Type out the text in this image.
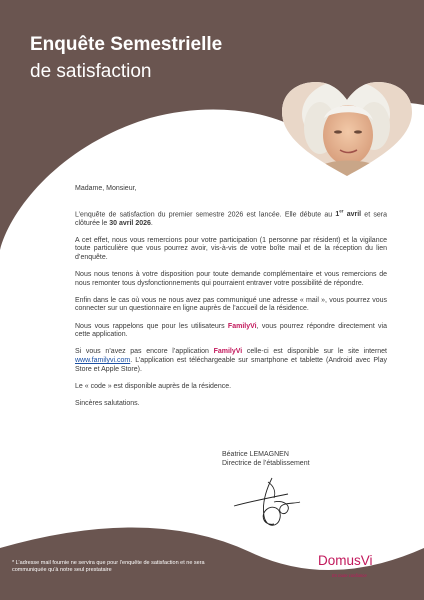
Enquête Semestrielle
de satisfaction

Madame, Monsieur,

L’enquête de satisfaction du premier semestre 2026 est lancée. Elle débute au 1er avril et sera clôturée le 30 avril 2026.

A cet effet, nous vous remercions pour votre participation (1 personne par résident) et la vigilance toute particulière que vous pourrez avoir, vis-à-vis de votre boîte mail et de la réception du lien d’enquête.

Nous nous tenons à votre disposition pour toute demande complémentaire et vous remercions de nous remonter tous dysfonctionnements qui pourraient entraver votre possibilité de répondre.

Enfin dans le cas où vous ne nous avez pas communiqué une adresse « mail », vous pourrez vous connecter sur un questionnaire en ligne auprès de l’accueil de la résidence.

Nous vous rappelons que pour les utilisateurs FamilyVi, vous pourrez répondre directement via cette application.

Si vous n’avez pas encore l’application FamilyVi celle-ci est disponible sur le site internet www.familyvi.com. L’application est téléchargeable sur smartphone et tablette (Android avec Play Store et Apple Store).

Le « code » est disponible auprès de la résidence.

Sincères salutations.

Béatrice LEMAGNEN
Directrice de l’établissement
* L’adresse mail fournie ne servira que pour l’enquête de satisfaction et ne sera communiquée qu’à notre seul prestataire
DomusVi
En toute confiance
